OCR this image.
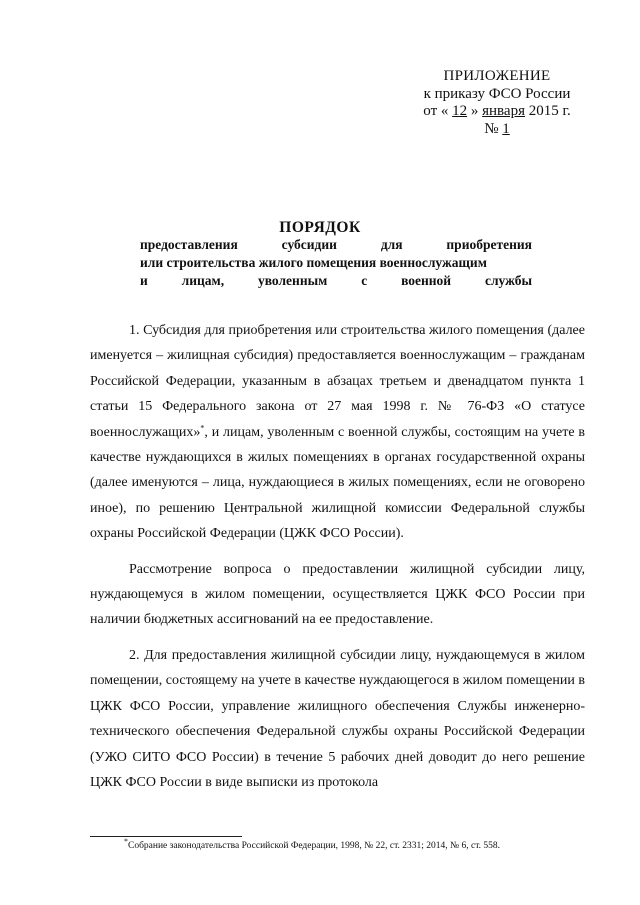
ПРИЛОЖЕНИЕ
к приказу ФСО России
от « 12 » января 2015 г.
№ 1
ПОРЯДОК
предоставления	субсидии	для	приобретения
или строительства жилого помещения военнослужащим
и	лицам,	уволенным	с	военной	службы

1. Субсидия для приобретения или строительства жилого помещения (далее именуется – жилищная субсидия) предоставляется военнослужащим – гражданам Российской Федерации, указанным в абзацах третьем и двенадцатом пункта 1 статьи 15 Федерального закона от 27 мая 1998 г. № 76-ФЗ «О статусе военнослужащих»*, и лицам, уволенным с военной службы, состоящим на учете в качестве нуждающихся в жилых помещениях в органах государственной охраны (далее именуются – лица, нуждающиеся в жилых помещениях, если не оговорено иное), по решению Центральной жилищной комиссии Федеральной службы охраны Российской Федерации (ЦЖК ФСО России).

Рассмотрение вопроса о предоставлении жилищной субсидии лицу, нуждающемуся в жилом помещении, осуществляется ЦЖК ФСО России при наличии бюджетных ассигнований на ее предоставление.

2. Для предоставления жилищной субсидии лицу, нуждающемуся в жилом помещении, состоящему на учете в качестве нуждающегося в жилом помещении в ЦЖК ФСО России, управление жилищного обеспечения Службы инженерно-технического обеспечения Федеральной службы охраны Российской Федерации (УЖО СИТО ФСО России) в течение 5 рабочих дней доводит до него решение ЦЖК ФСО России в виде выписки из протокола

*Собрание законодательства Российской Федерации, 1998, № 22, ст. 2331; 2014, № 6, ст. 558.
